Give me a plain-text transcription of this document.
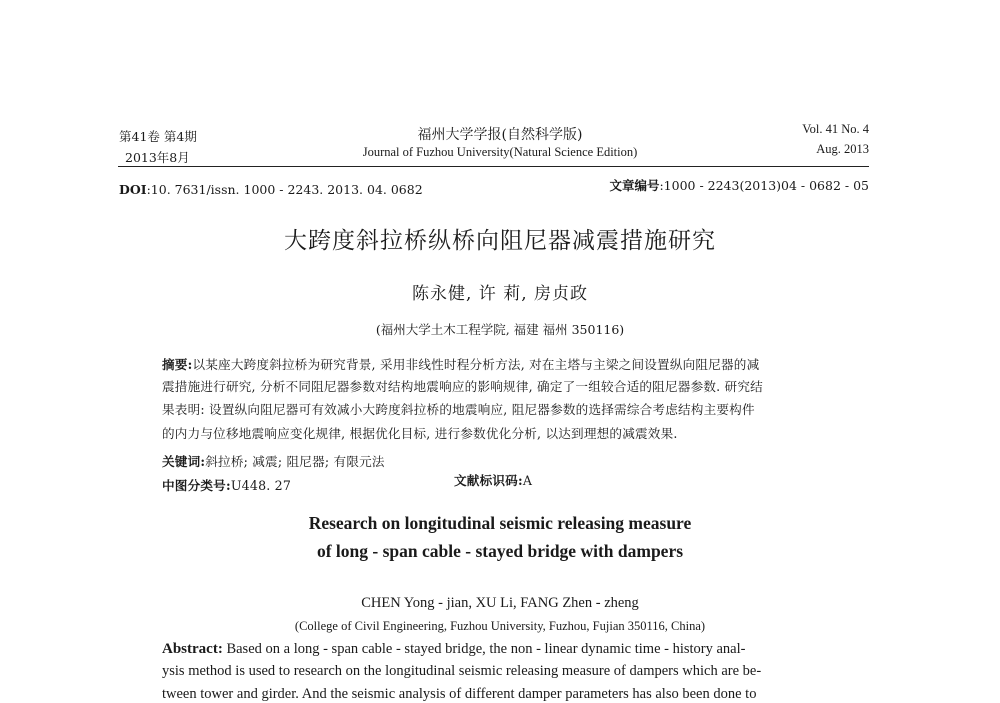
第41卷 第4期
2013年8月
福州大学学报(自然科学版)
Journal of Fuzhou University(Natural Science Edition)
Vol. 41 No. 4
Aug. 2013
DOI:10. 7631/issn. 1000 - 2243. 2013. 04. 0682	文章编号:1000 - 2243(2013)04 - 0682 - 05
大跨度斜拉桥纵桥向阻尼器减震措施研究
陈永健, 许 莉, 房贞政
(福州大学土木工程学院, 福建 福州 350116)
摘要:以某座大跨度斜拉桥为研究背景, 采用非线性时程分析方法, 对在主塔与主梁之间设置纵向阻尼器的减
震措施进行研究, 分析不同阻尼器参数对结构地震响应的影响规律, 确定了一组较合适的阻尼器参数. 研究结
果表明: 设置纵向阻尼器可有效减小大跨度斜拉桥的地震响应, 阻尼器参数的选择需综合考虑结构主要构件
的内力与位移地震响应变化规律, 根据优化目标, 进行参数优化分析, 以达到理想的减震效果.
关键词:斜拉桥; 减震; 阻尼器; 有限元法
中图分类号:U448. 27	文献标识码:A
Research on longitudinal seismic releasing measure
of long - span cable - stayed bridge with dampers
CHEN Yong - jian, XU Li, FANG Zhen - zheng
(College of Civil Engineering, Fuzhou University, Fuzhou, Fujian 350116, China)
Abstract: Based on a long - span cable - stayed bridge, the non - linear dynamic time - history anal-
ysis method is used to research on the longitudinal seismic releasing measure of dampers which are be-
tween tower and girder. And the seismic analysis of different damper parameters has also been done to
